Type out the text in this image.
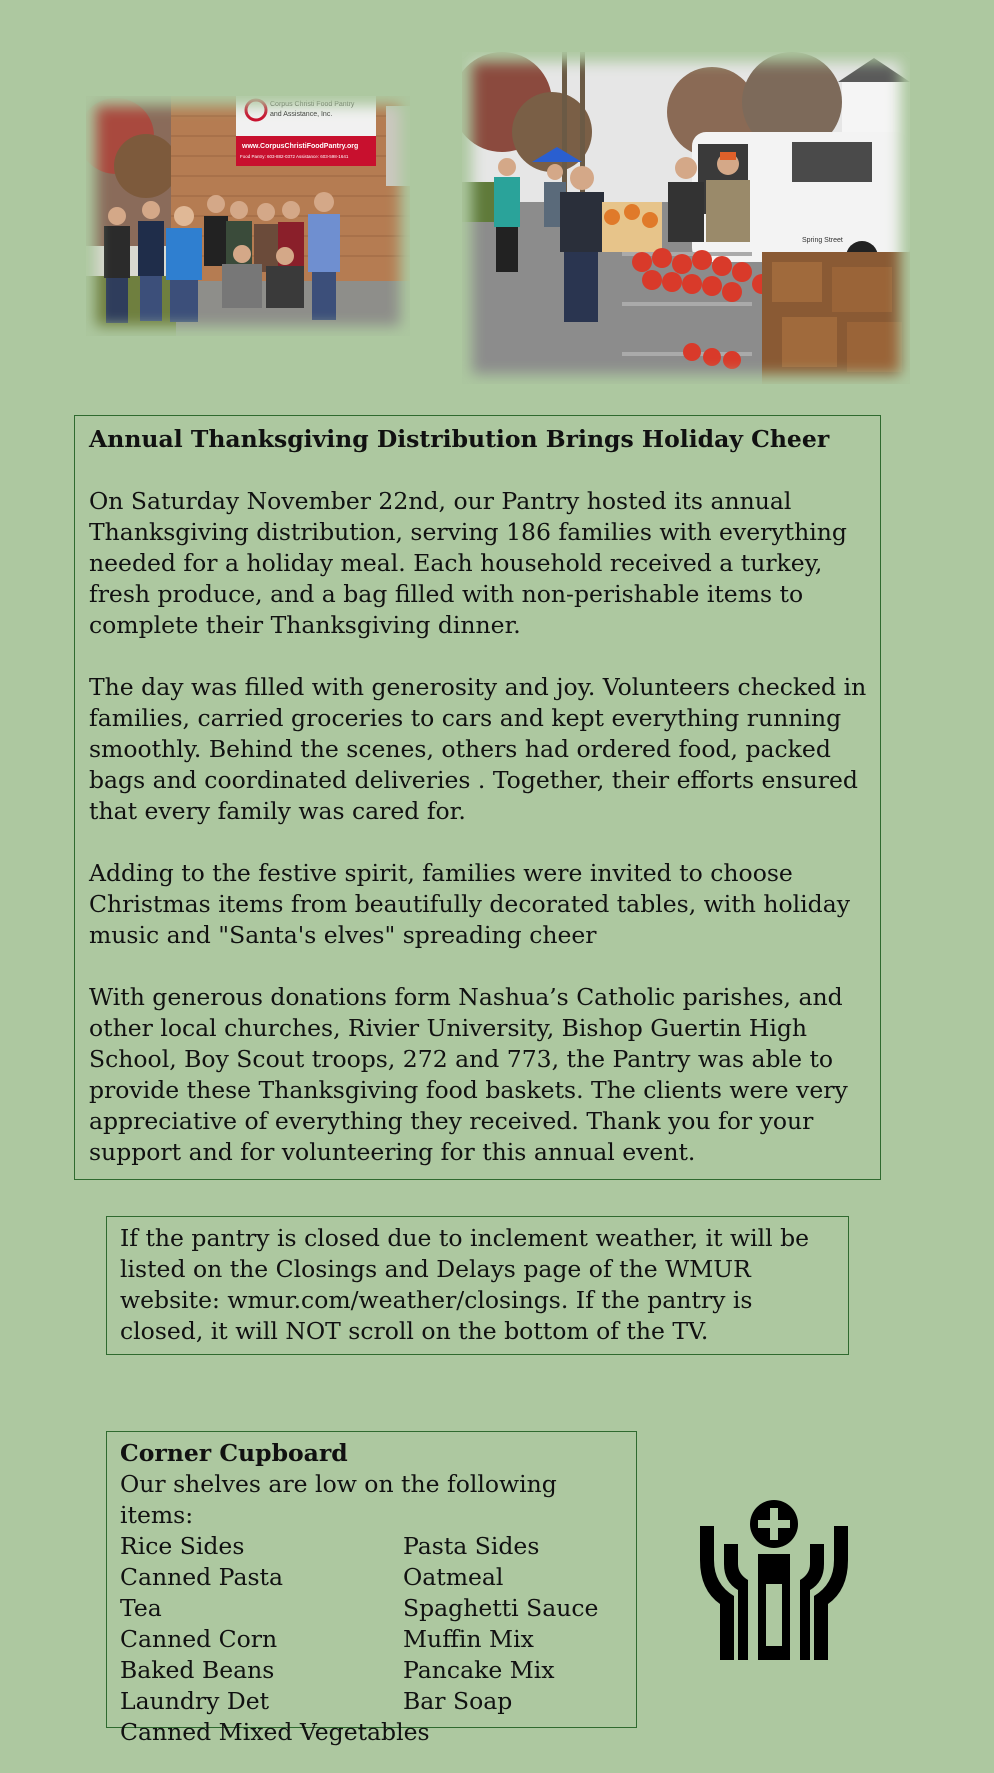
Corpus Christi Food Pantry
and Assistance, Inc.
www.CorpusChristiFoodPantry.org
Food Pantry: 603-882-0372 Assistance: 603-598-1641
Spring Street
Annual Thanksgiving Distribution Brings Holiday Cheer

On Saturday November 22nd, our Pantry hosted its annual Thanksgiving distribution, serving 186 families with everything needed for a holiday meal. Each household received a turkey, fresh produce, and a bag filled with non-perishable items to complete their Thanksgiving dinner.

The day was filled with generosity and joy. Volunteers checked in families, carried groceries to cars and kept everything running smoothly. Behind the scenes, others had ordered food, packed bags and coordinated deliveries . Together, their efforts ensured that every family was cared for.

Adding to the festive spirit, families were invited to choose Christmas items from beautifully decorated tables, with holiday music and "Santa's elves" spreading cheer

With generous donations form Nashua’s Catholic parishes, and other local churches, Rivier University, Bishop Guertin High School, Boy Scout troops, 272 and 773, the Pantry was able to provide these Thanksgiving food baskets. The clients were very appreciative of everything they received. Thank you for your support and for volunteering for this annual event.

If the pantry is closed due to inclement weather, it will be listed on the Closings and Delays page of the WMUR website: wmur.com/weather/closings. If the pantry is closed, it will NOT scroll on the bottom of the TV.

Corner Cupboard
Our shelves are low on the following items:
Rice Sides	Pasta Sides
Canned Pasta	Oatmeal
Tea	Spaghetti Sauce
Canned Corn	Muffin Mix
Baked Beans	Pancake Mix
Laundry Det	Bar Soap
Canned Mixed Vegetables
